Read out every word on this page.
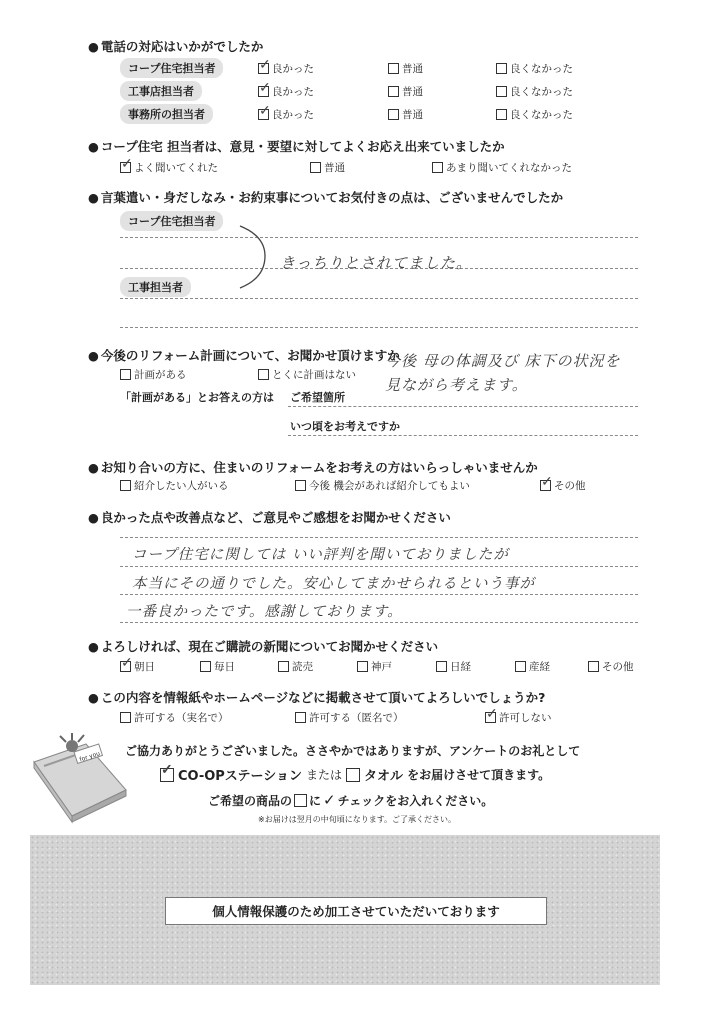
● 電話の対応はいかがでしたか
コープ住宅担当者 ✓	良かった	普通	良くなかった
工事店担当者 ✓	良かった	普通	良くなかった
事務所の担当者 ✓	良かった	普通	良くなかった
● コープ住宅 担当者は、意見・要望に対してよくお応え出来ていましたか
✓
よく聞いてくれた	普通	あまり聞いてくれなかった
● 言葉遣い・身だしなみ・お約束事についてお気付きの点は、ございませんでしたか
コープ住宅担当者
工事担当者
きっちりとされてました。
● 今後のリフォーム計画について、お聞かせ頂けますか
計画がある	とくに計画はない
「計画がある」とお答えの方は ご希望箇所
いつ頃をお考えですか
今後 母の体調及び 床下の状況を
見ながら考えます。
● お知り合いの方に、住まいのリフォームをお考えの方はいらっしゃいませんか
紹介したい人がいる	今後 機会があれば紹介してもよい ✓	その他
● 良かった点や改善点など、ご意見やご感想をお聞かせください
コープ住宅に関しては いい評判を聞いておりましたが
本当にその通りでした。安心してまかせられるという事が
一番良かったです。感謝しております。
● よろしければ、現在ご購読の新聞についてお聞かせください
✓
朝日	毎日	読売	神戸	日経	産経	その他
● この内容を情報紙やホームページなどに掲載させて頂いてよろしいでしょうか?
許可する（実名で）	許可する（匿名で） ✓	許可しない
for you ご協力ありがとうございました。ささやかではありますが、アンケートのお礼として
✓
CO-OPステーション または タオル をお届けさせて頂きます。
ご希望の商品の に ✓ チェックをお入れください。
※お届けは翌月の中旬頃になります。ご了承ください。
個人情報保護のため加工させていただいております
